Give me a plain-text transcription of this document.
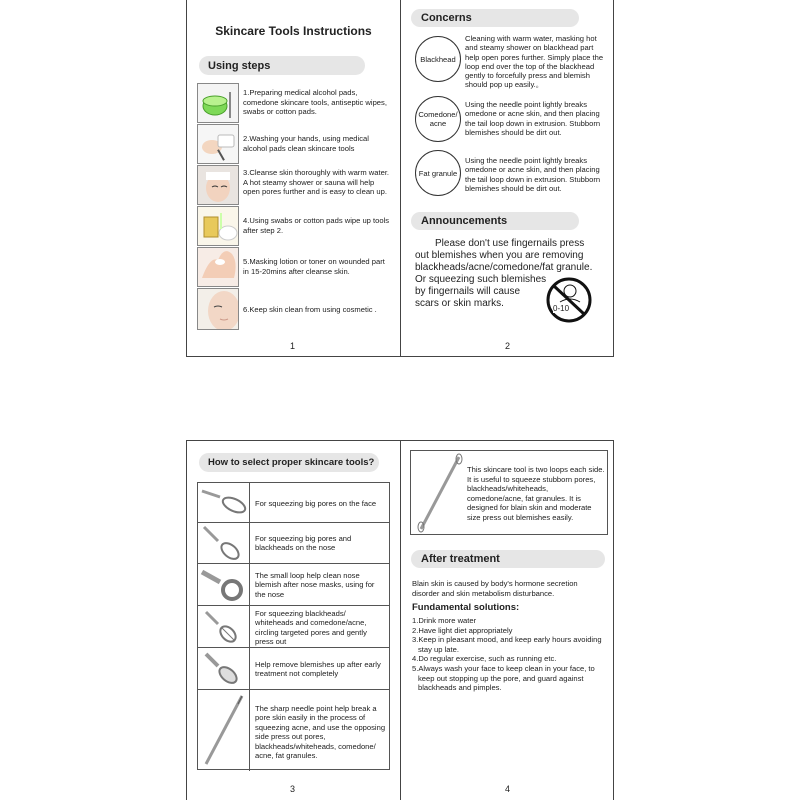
Skincare Tools Instructions
Using steps
1.Preparing medical alcohol pads, comedone skincare tools, antiseptic wipes, swabs or cotton pads.
2.Washing your hands, using medical alcohol pads clean skincare tools
3.Cleanse skin thoroughly with warm water. A hot steamy shower or sauna will help open pores further and is easy to clean up.
4.Using swabs or cotton pads wipe up tools after step 2.
5.Masking lotion or toner on wounded part in 15-20mins after cleanse skin.
6.Keep skin clean from using cosmetic .
1
Concerns
Blackhead
Cleaning with warm water, masking hot and steamy shower on blackhead part help open pores further. Simply place the loop end over the top of the blackhead gently to forcefully press and blemish should pop up easily.。
Comedone/ acne
Using the needle point lightly breaks omedone or acne skin, and then placing the tail loop down in extrusion. Stubborn blemishes should be dirt out.
Fat granule
Using the needle point lightly breaks omedone or acne skin, and then placing the tail loop down in extrusion. Stubborn blemishes should be dirt out.
Announcements
Please don't use fingernails press
out blemishes when you are removing
blackheads/acne/comedone/fat granule.
Or squeezing such blemishes
by fingernails will cause
scars or skin marks.	0-10
2
How to select proper skincare tools?
3
For squeezing big pores on the face
For squeezing big pores and blackheads on the nose
The small loop help clean nose blemish after nose masks, using for the nose
For squeezing blackheads/ whiteheads and comedone/acne, circling targeted pores and gently press out
Help remove blemishes up after early treatment not completely
The sharp needle point help break a pore skin easily in the process of squeezing acne, and use the opposing side press out pores, blackheads/whiteheads, comedone/ acne, fat granules.
This skincare tool is two loops each side. It is useful to squeeze stubborn pores, blackheads/whiteheads, comedone/acne, fat granules. It is designed for blain skin and moderate size press out blemishes easily.
After treatment
Blain skin is caused by body's hormone secretion disorder and skin metabolism disturbance.
Fundamental solutions:
1.Drink more water
2.Have light diet appropriately
3.Keep in pleasant mood, and keep early hours avoiding stay up late.
4.Do regular exercise, such as running etc.
5.Always wash your face to keep clean in your face, to keep out stopping up the pore, and guard against blackheads and pimples.
4
